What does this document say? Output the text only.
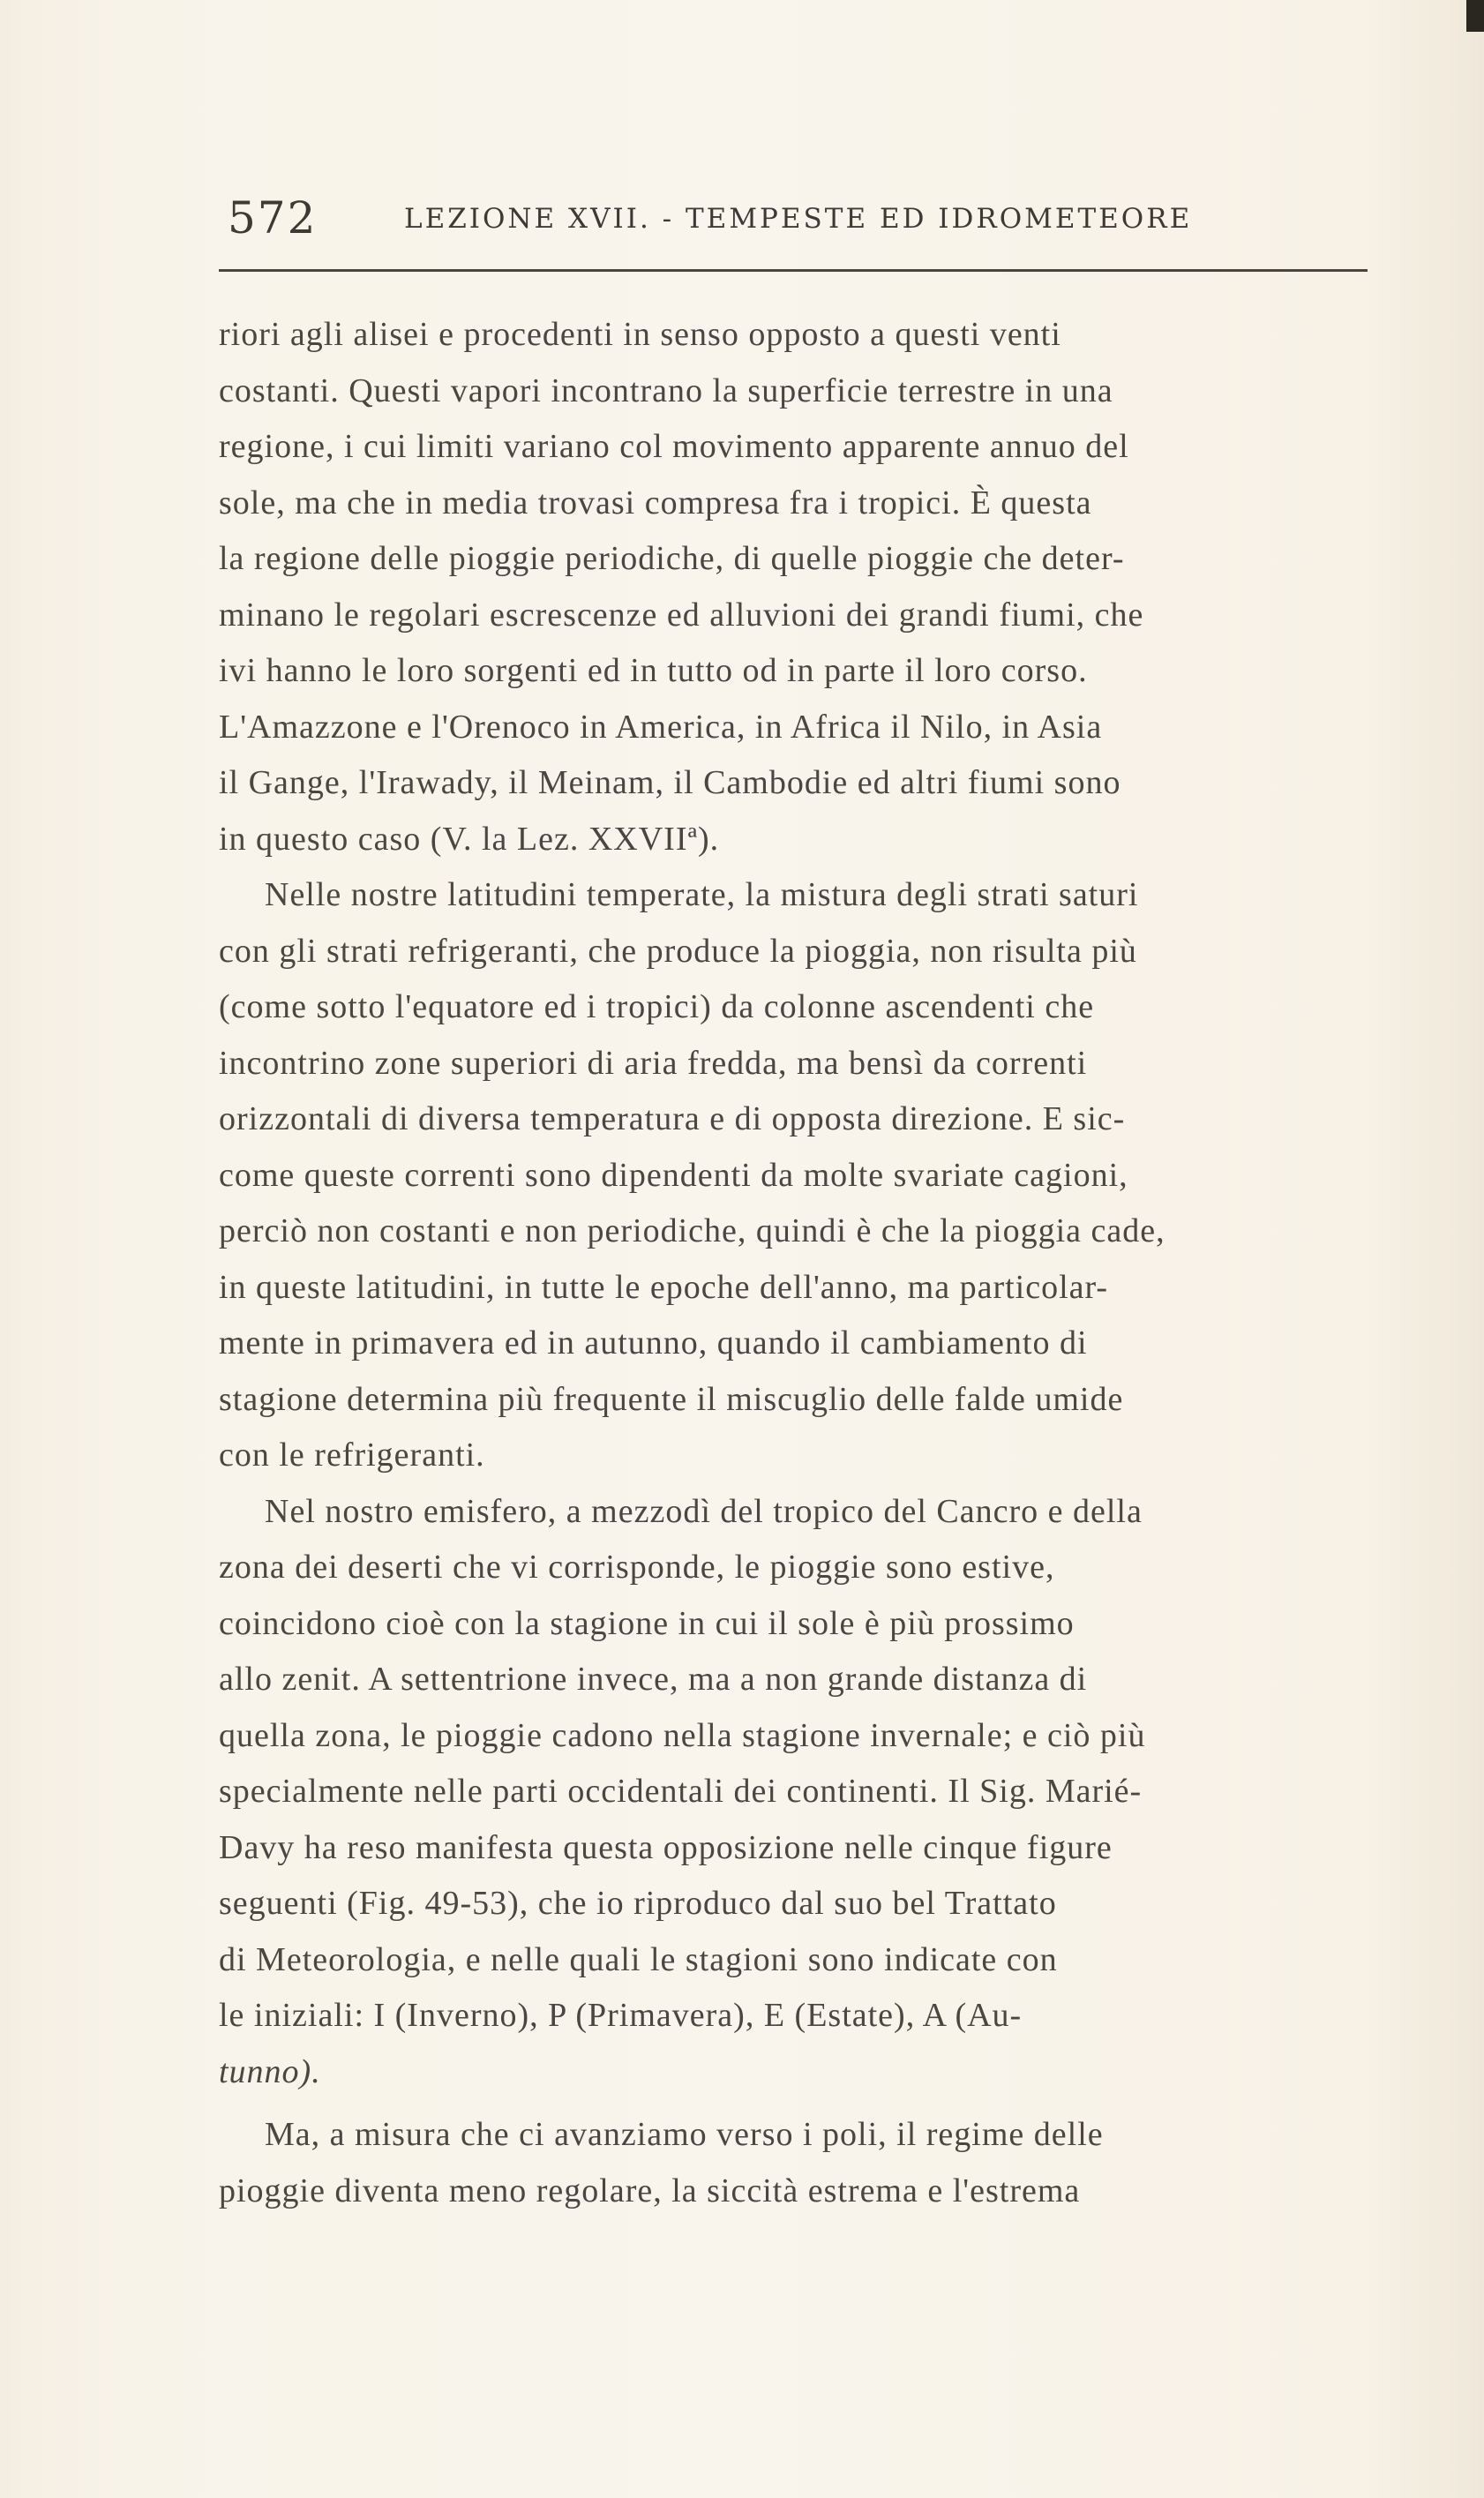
572	LEZIONE XVII. - TEMPESTE ED IDROMETEORE
riori agli alisei e procedenti in senso opposto a questi venti
costanti. Questi vapori incontrano la superficie terrestre in una
regione, i cui limiti variano col movimento apparente annuo del
sole, ma che in media trovasi compresa fra i tropici. È questa
la regione delle pioggie periodiche, di quelle pioggie che deter-
minano le regolari escrescenze ed alluvioni dei grandi fiumi, che
ivi hanno le loro sorgenti ed in tutto od in parte il loro corso.
L'Amazzone e l'Orenoco in America, in Africa il Nilo, in Asia
il Gange, l'Irawady, il Meinam, il Cambodie ed altri fiumi sono
in questo caso (V. la Lez. XXVIIª).
Nelle nostre latitudini temperate, la mistura degli strati saturi
con gli strati refrigeranti, che produce la pioggia, non risulta più
(come sotto l'equatore ed i tropici) da colonne ascendenti che
incontrino zone superiori di aria fredda, ma bensì da correnti
orizzontali di diversa temperatura e di opposta direzione. E sic-
come queste correnti sono dipendenti da molte svariate cagioni,
perciò non costanti e non periodiche, quindi è che la pioggia cade,
in queste latitudini, in tutte le epoche dell'anno, ma particolar-
mente in primavera ed in autunno, quando il cambiamento di
stagione determina più frequente il miscuglio delle falde umide
con le refrigeranti.
Nel nostro emisfero, a mezzodì del tropico del Cancro e della
zona dei deserti che vi corrisponde, le pioggie sono estive,
coincidono cioè con la stagione in cui il sole è più prossimo
allo zenit. A settentrione invece, ma a non grande distanza di
quella zona, le pioggie cadono nella stagione invernale; e ciò più
specialmente nelle parti occidentali dei continenti. Il Sig. Marié-
Davy ha reso manifesta questa opposizione nelle cinque figure
seguenti (Fig. 49-53), che io riproduco dal suo bel Trattato
di Meteorologia, e nelle quali le stagioni sono indicate con
le iniziali: I (Inverno), P (Primavera), E (Estate), A (Au-
tunno).
Ma, a misura che ci avanziamo verso i poli, il regime delle
pioggie diventa meno regolare, la siccità estrema e l'estrema
